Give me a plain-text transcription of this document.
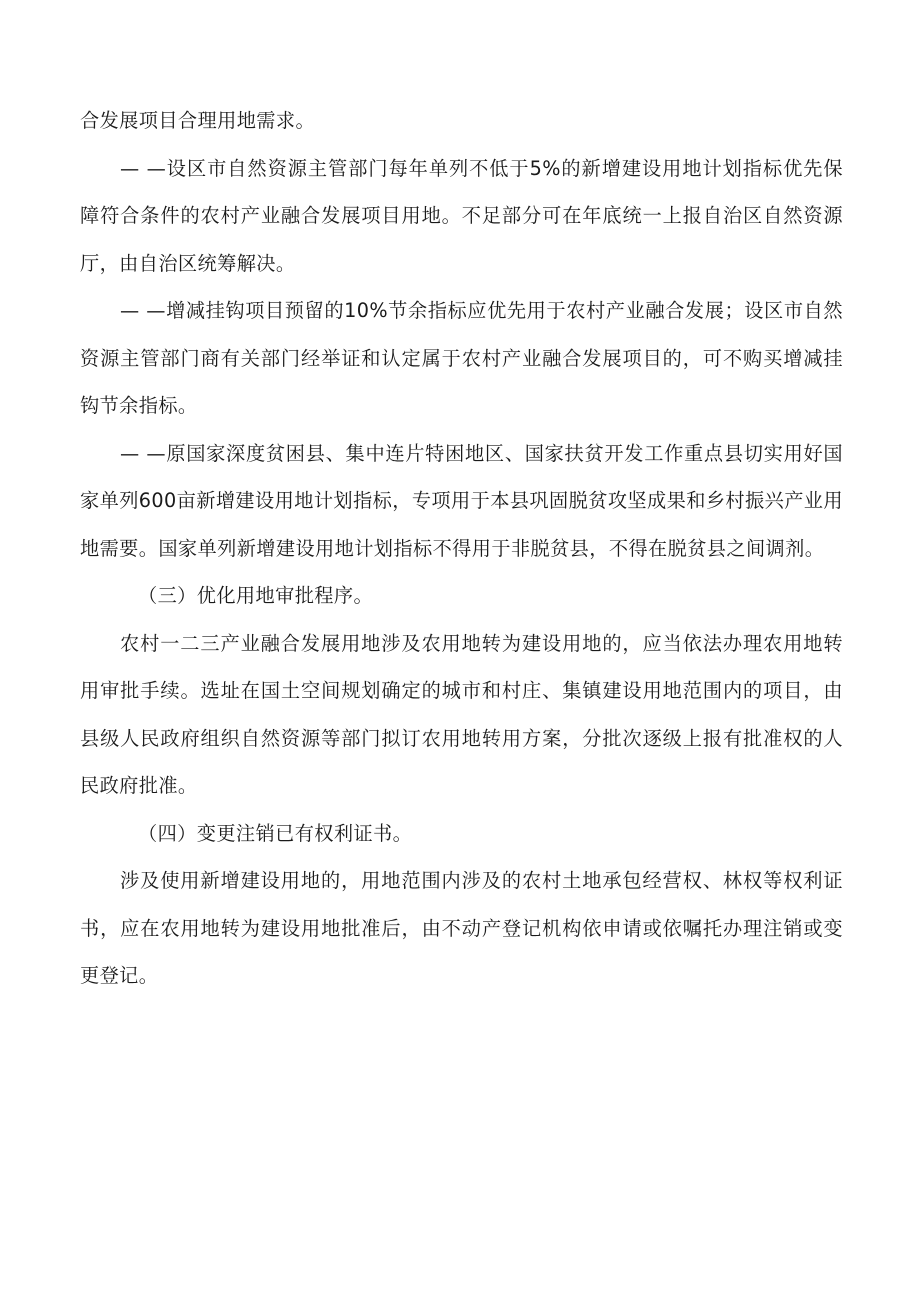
合发展项目合理用地需求。

— —设区市自然资源主管部门每年单列不低于5%的新增建设用地计划指标优先保障符合条件的农村产业融合发展项目用地。不足部分可在年底统一上报自治区自然资源厅，由自治区统筹解决。

— —增减挂钩项目预留的10%节余指标应优先用于农村产业融合发展；设区市自然资源主管部门商有关部门经举证和认定属于农村产业融合发展项目的，可不购买增减挂钩节余指标。

— —原国家深度贫困县、集中连片特困地区、国家扶贫开发工作重点县切实用好国家单列600亩新增建设用地计划指标，专项用于本县巩固脱贫攻坚成果和乡村振兴产业用地需要。国家单列新增建设用地计划指标不得用于非脱贫县，不得在脱贫县之间调剂。

（三）优化用地审批程序。

农村一二三产业融合发展用地涉及农用地转为建设用地的，应当依法办理农用地转用审批手续。选址在国土空间规划确定的城市和村庄、集镇建设用地范围内的项目，由县级人民政府组织自然资源等部门拟订农用地转用方案，分批次逐级上报有批准权的人民政府批准。

（四）变更注销已有权利证书。

涉及使用新增建设用地的，用地范围内涉及的农村土地承包经营权、林权等权利证书，应在农用地转为建设用地批准后，由不动产登记机构依申请或依嘱托办理注销或变更登记。
